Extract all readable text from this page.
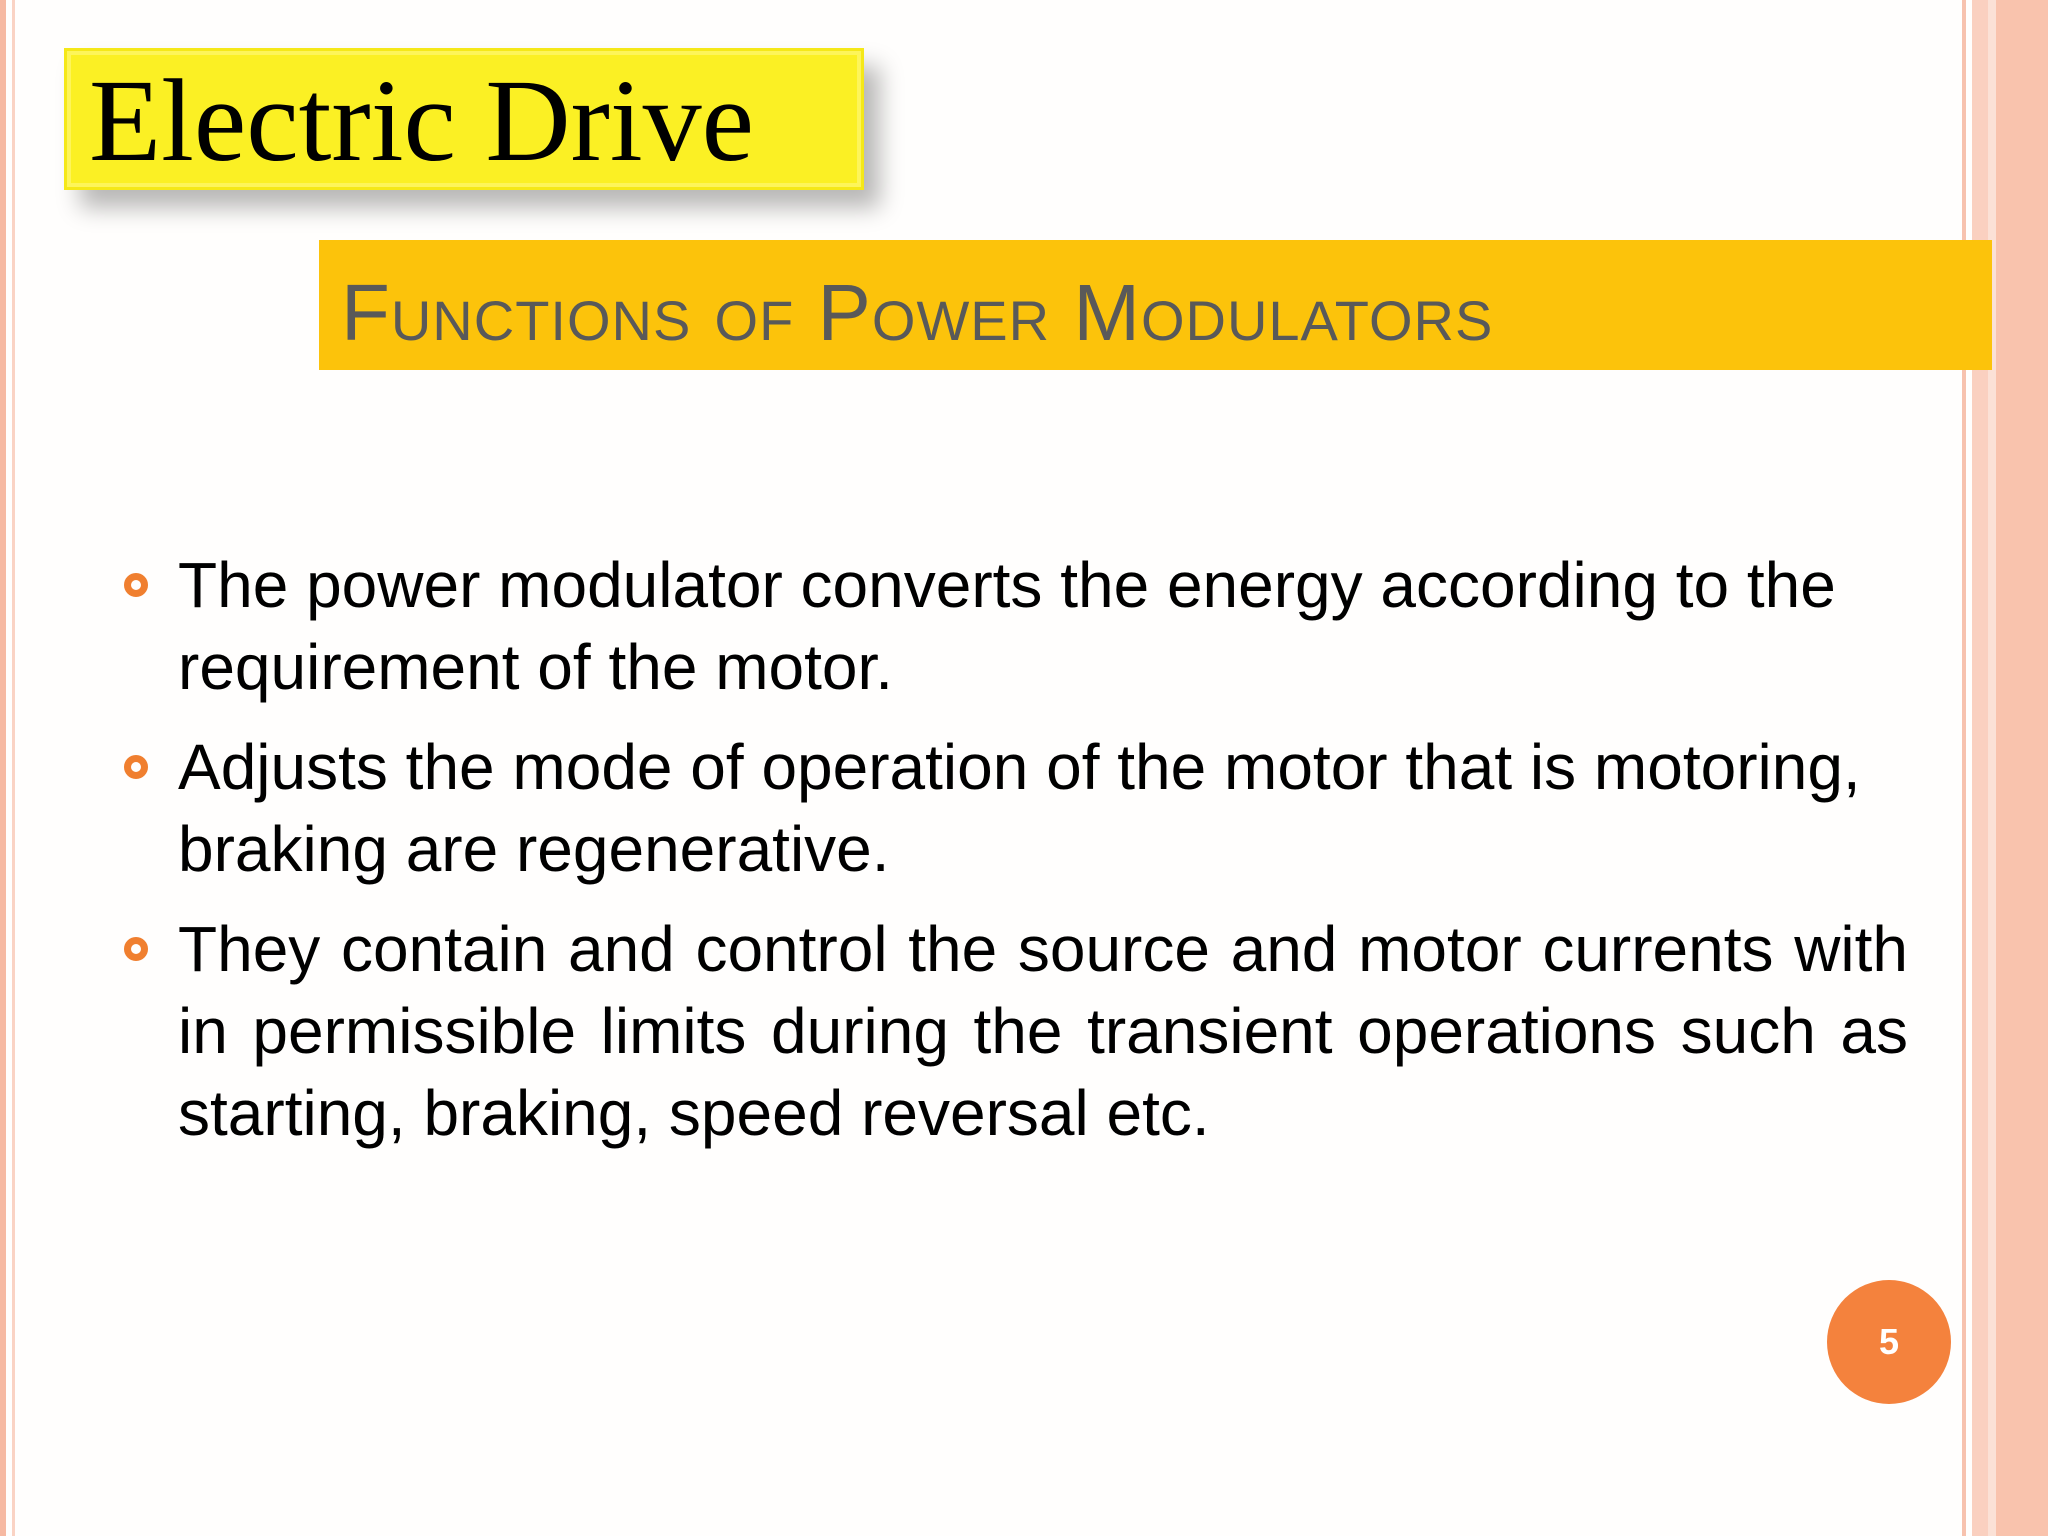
Electric Drive
Functions of Power Modulators
The power modulator converts the energy according to the requirement of the motor.
Adjusts the mode of operation of the motor that is motoring, braking are regenerative.
They contain and control the source and motor currents with in permissible limits during the transient operations such as starting, braking, speed reversal etc.
5
